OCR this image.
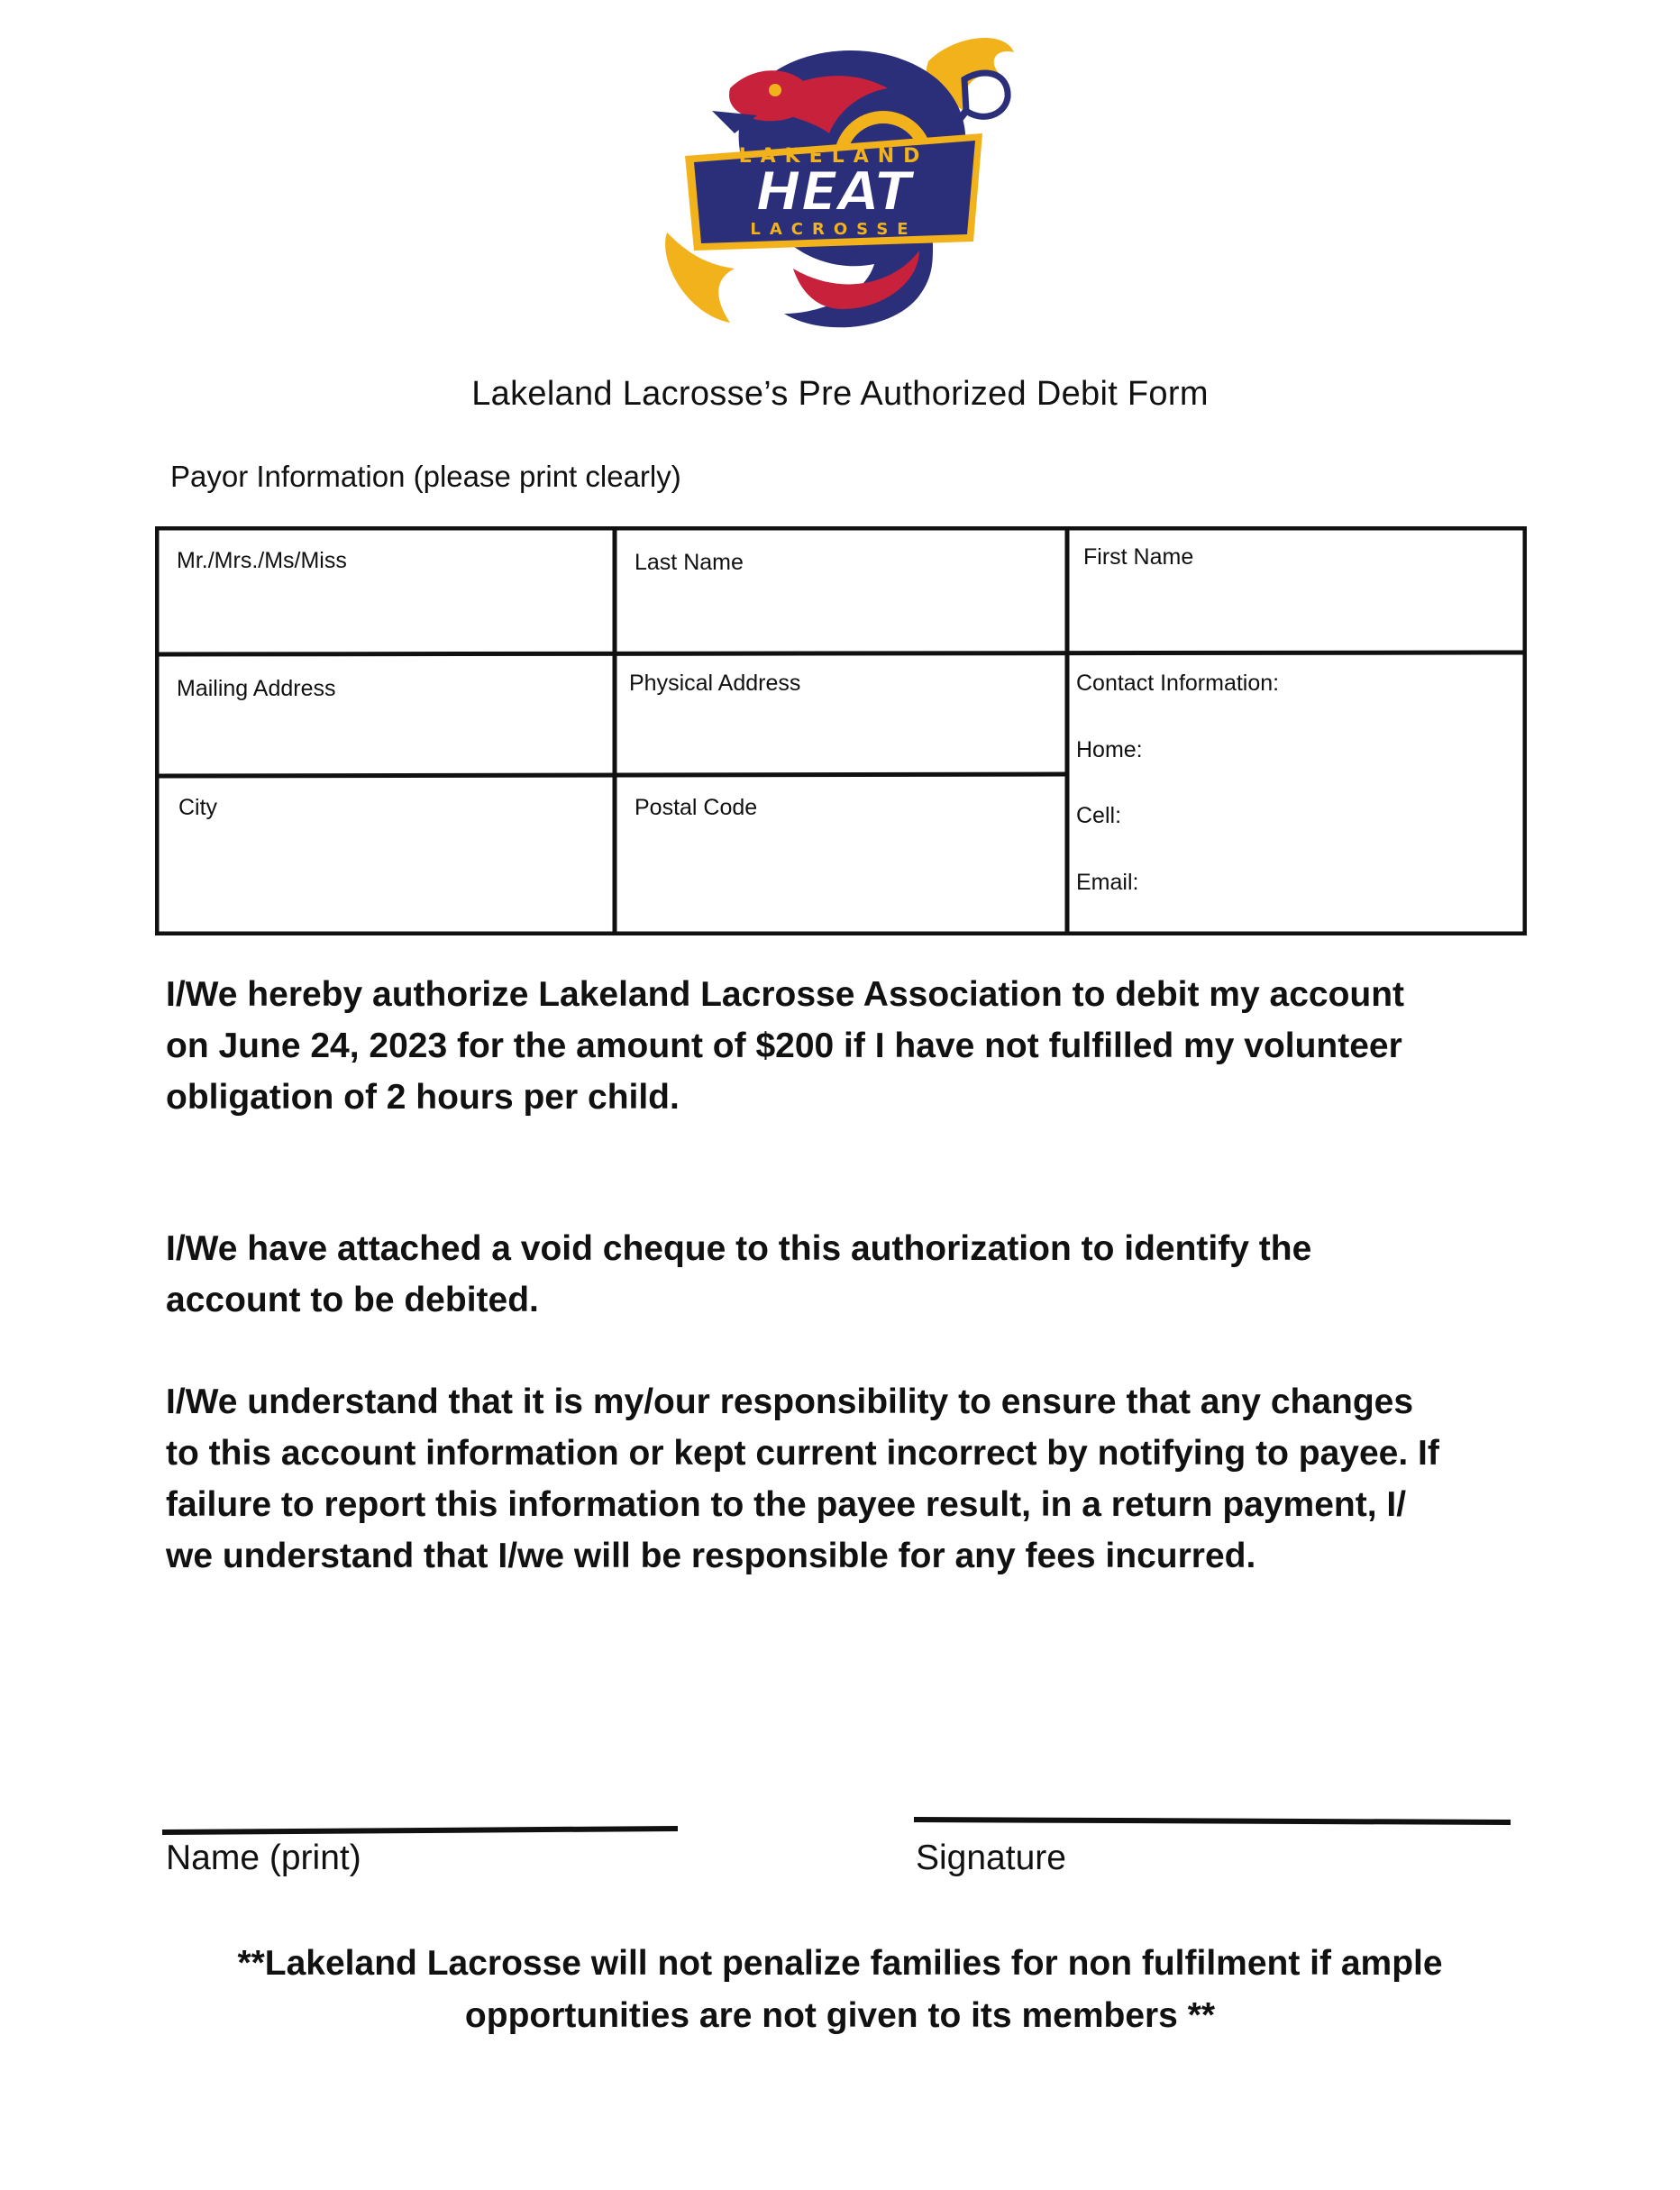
LAKELAND
HEAT
LACROSSE
Lakeland Lacrosse’s Pre Authorized Debit Form
Payor Information (please print clearly)
Mr./Mrs./Ms/Miss	Last Name	First Name
Mailing Address	Physical Address	Contact Information:
Home:
Cell:
Email:
City	Postal Code
I/We hereby authorize Lakeland Lacrosse Association to debit my account
on June 24, 2023 for the amount of $200 if I have not fulfilled my volunteer
obligation of 2 hours per child.
I/We have attached a void cheque to this authorization to identify the
account to be debited.
I/We understand that it is my/our responsibility to ensure that any changes
to this account information or kept current incorrect by notifying to payee. If
failure to report this information to the payee result, in a return payment, I/
we understand that I/we will be responsible for any fees incurred.
Name (print)	Signature
**Lakeland Lacrosse will not penalize families for non fulfilment if ample
opportunities are not given to its members **
